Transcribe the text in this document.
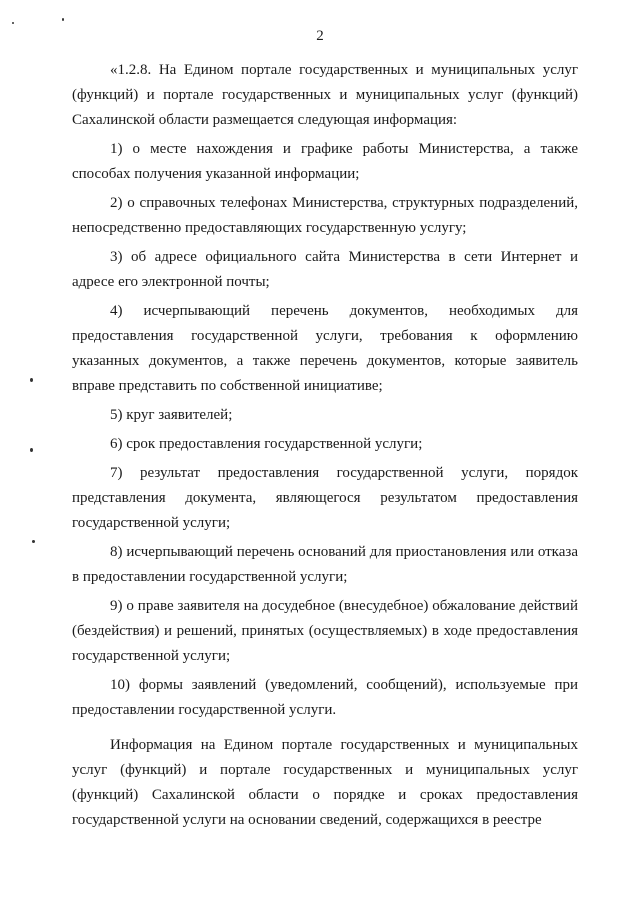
2

«1.2.8. На Едином портале государственных и муниципальных услуг (функций) и портале государственных и муниципальных услуг (функций) Сахалинской области размещается следующая информация:

1) о месте нахождения и графике работы Министерства, а также способах получения указанной информации;

2) о справочных телефонах Министерства, структурных подразделений, непосредственно предоставляющих государственную услугу;

3) об адресе официального сайта Министерства в сети Интернет и адресе его электронной почты;

4) исчерпывающий перечень документов, необходимых для предоставления государственной услуги, требования к оформлению указанных документов, а также перечень документов, которые заявитель вправе представить по собственной инициативе;

5) круг заявителей;

6) срок предоставления государственной услуги;

7) результат предоставления государственной услуги, порядок представления документа, являющегося результатом предоставления государственной услуги;

8) исчерпывающий перечень оснований для приостановления или отказа в предоставлении государственной услуги;

9) о праве заявителя на досудебное (внесудебное) обжалование действий (бездействия) и решений, принятых (осуществляемых) в ходе предоставления государственной услуги;

10) формы заявлений (уведомлений, сообщений), используемые при предоставлении государственной услуги.

Информация на Едином портале государственных и муниципальных услуг (функций) и портале государственных и муниципальных услуг (функций) Сахалинской области о порядке и сроках предоставления государственной услуги на основании сведений, содержащихся в реестре
